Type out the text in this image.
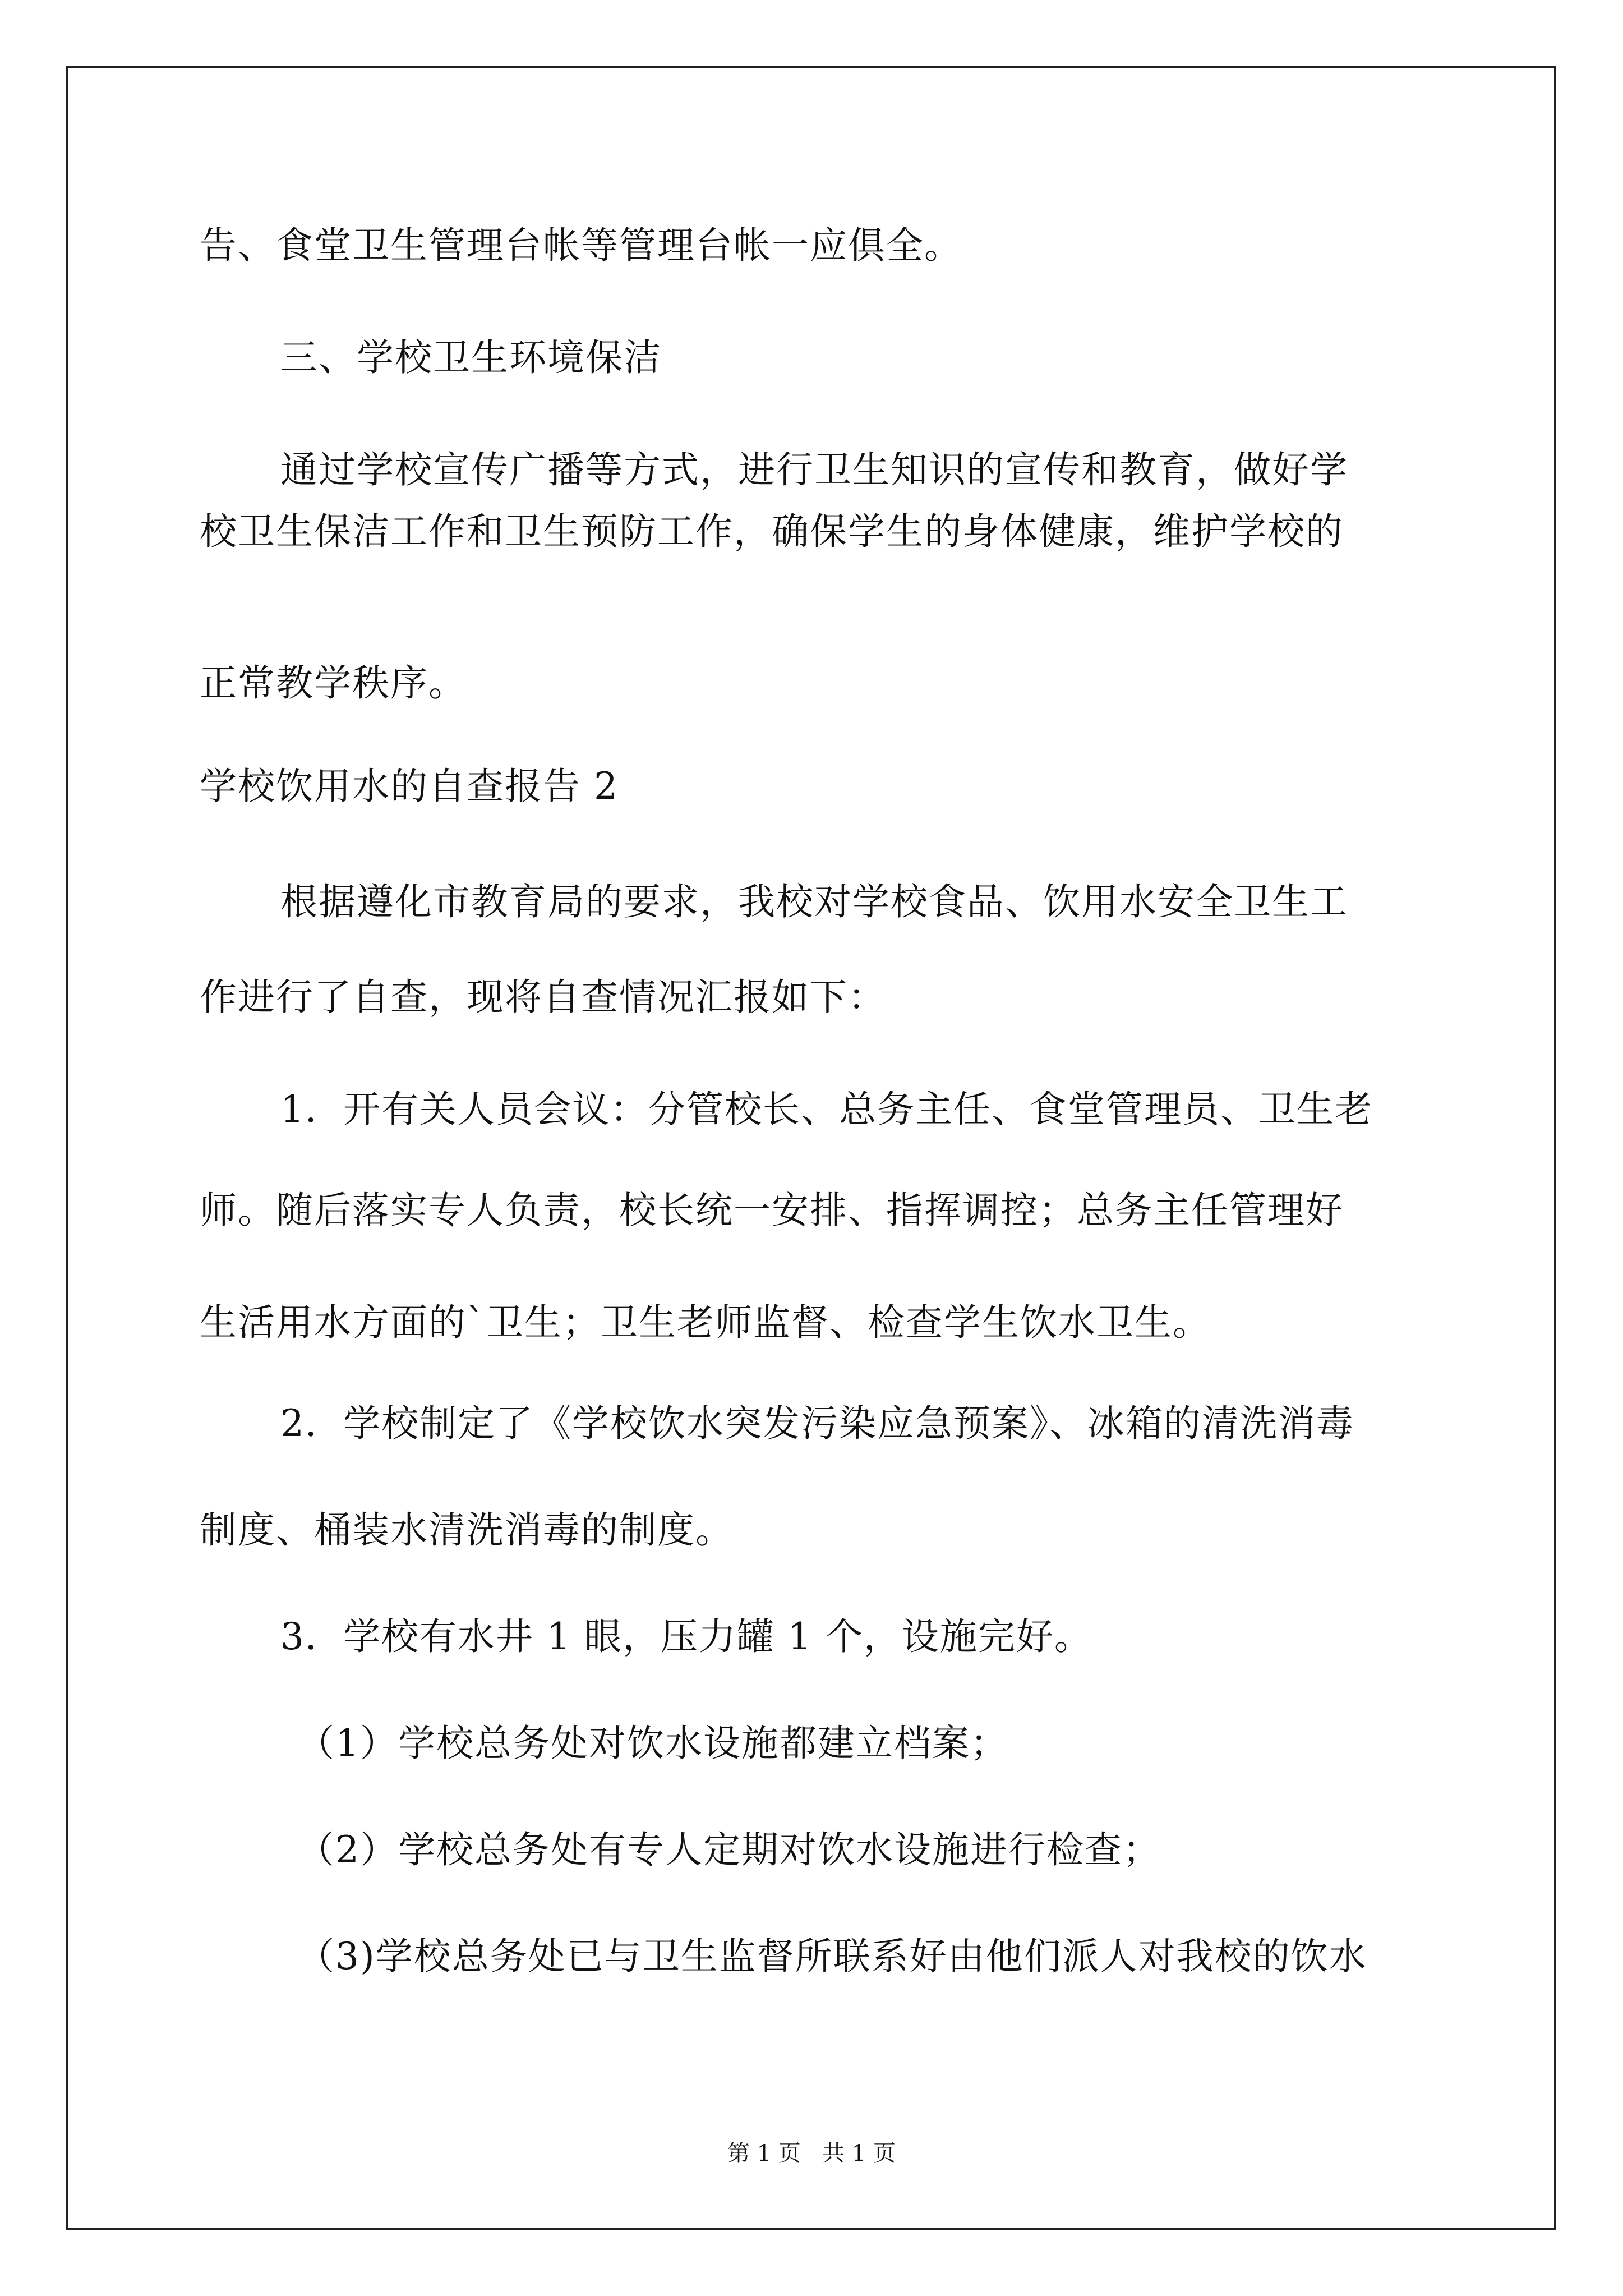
告、食堂卫生管理台帐等管理台帐一应俱全。
三、学校卫生环境保洁
通过学校宣传广播等方式，进行卫生知识的宣传和教育，做好学
校卫生保洁工作和卫生预防工作，确保学生的身体健康，维护学校的
正常教学秩序。
学校饮用水的自查报告 2
根据遵化市教育局的要求，我校对学校食品、饮用水安全卫生工
作进行了自查，现将自查情况汇报如下：
1．开有关人员会议：分管校长、总务主任、食堂管理员、卫生老
师。随后落实专人负责，校长统一安排、指挥调控；总务主任管理好
生活用水方面的`卫生；卫生老师监督、检查学生饮水卫生。
2．学校制定了《学校饮水突发污染应急预案》、冰箱的清洗消毒
制度、桶装水清洗消毒的制度。
3．学校有水井 1 眼，压力罐 1 个，设施完好。
（1）学校总务处对饮水设施都建立档案；
（2）学校总务处有专人定期对饮水设施进行检查；
（3)学校总务处已与卫生监督所联系好由他们派人对我校的饮水
第 1 页   共 1 页
